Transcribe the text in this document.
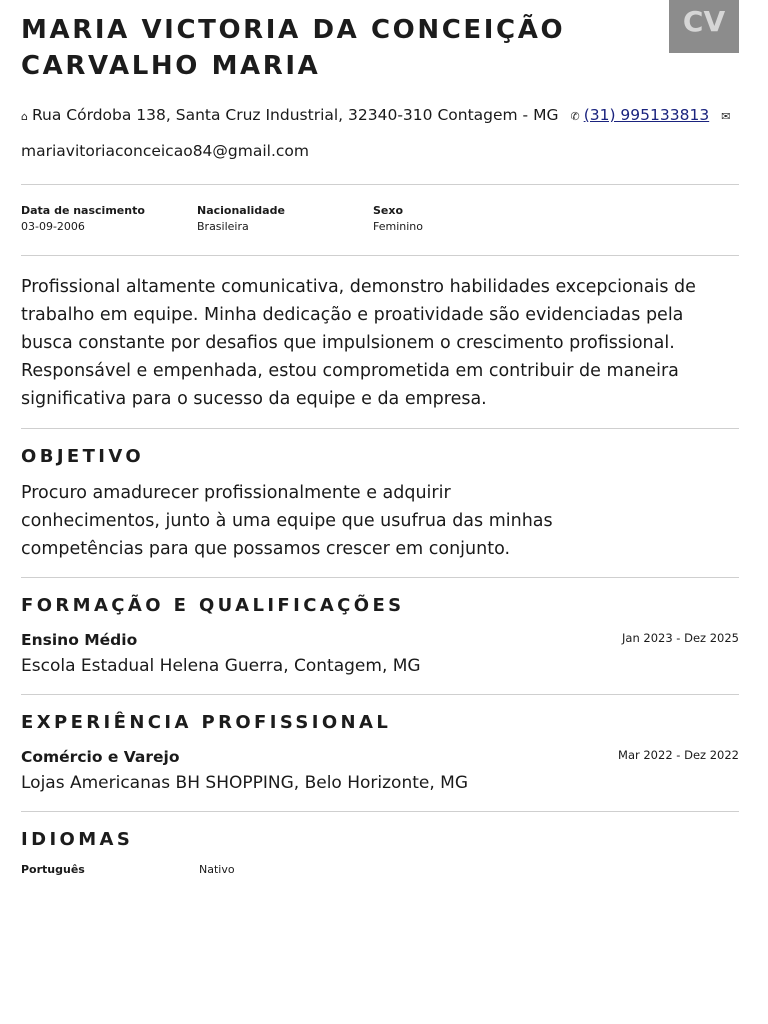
CV
MARIA VICTORIA DA CONCEIÇÃO CARVALHO MARIA
⌂ Rua Córdoba 138, Santa Cruz Industrial, 32340-310 Contagem - MG ✆ (31) 995133813 ✉mariavitoriaconceicao84@gmail.com
Data de nascimento
03-09-2006
Nacionalidade
Brasileira
Sexo
Feminino

Profissional altamente comunicativa, demonstro habilidades excepcionais de trabalho em equipe. Minha dedicação e proatividade são evidenciadas pela busca constante por desafios que impulsionem o crescimento profissional. Responsável e empenhada, estou comprometida em contribuir de maneira significativa para o sucesso da equipe e da empresa.

OBJETIVO

Procuro amadurecer profissionalmente e adquirir conhecimentos, junto à uma equipe que usufrua das minhas competências para que possamos crescer em conjunto.

FORMAÇÃO E QUALIFICAÇÕES
Ensino Médio
Escola Estadual Helena Guerra, Contagem, MG
Jan 2023 - Dez 2025
EXPERIÊNCIA PROFISSIONAL
Comércio e Varejo
Lojas Americanas BH SHOPPING, Belo Horizonte, MG
Mar 2022 - Dez 2022
IDIOMAS
Português	Nativo
